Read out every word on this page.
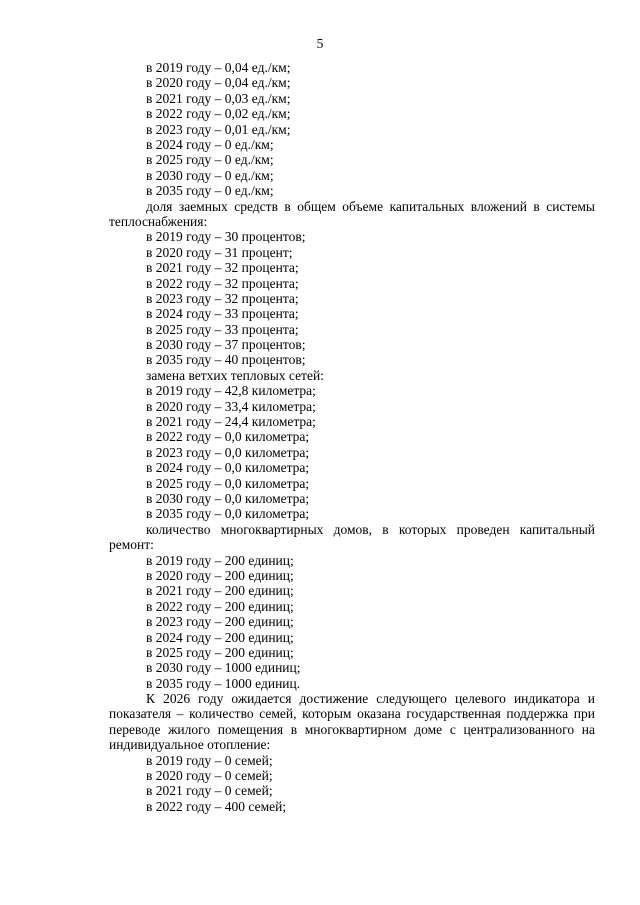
5
в 2019 году – 0,04 ед./км;
в 2020 году – 0,04 ед./км;
в 2021 году – 0,03 ед./км;
в 2022 году – 0,02 ед./км;
в 2023 году – 0,01 ед./км;
в 2024 году – 0 ед./км;
в 2025 году – 0 ед./км;
в 2030 году – 0 ед./км;
в 2035 году – 0 ед./км;
доля заемных средств в общем объеме капитальных вложений в системы теплоснабжения:
в 2019 году – 30 процентов;
в 2020 году – 31 процент;
в 2021 году – 32 процента;
в 2022 году – 32 процента;
в 2023 году – 32 процента;
в 2024 году – 33 процента;
в 2025 году – 33 процента;
в 2030 году – 37 процентов;
в 2035 году – 40 процентов;
замена ветхих тепловых сетей:
в 2019 году – 42,8 километра;
в 2020 году – 33,4 километра;
в 2021 году – 24,4 километра;
в 2022 году – 0,0 километра;
в 2023 году – 0,0 километра;
в 2024 году – 0,0 километра;
в 2025 году – 0,0 километра;
в 2030 году – 0,0 километра;
в 2035 году – 0,0 километра;
количество многоквартирных домов, в которых проведен капитальный ремонт:
в 2019 году – 200 единиц;
в 2020 году – 200 единиц;
в 2021 году – 200 единиц;
в 2022 году – 200 единиц;
в 2023 году – 200 единиц;
в 2024 году – 200 единиц;
в 2025 году – 200 единиц;
в 2030 году – 1000 единиц;
в 2035 году – 1000 единиц.
К 2026 году ожидается достижение следующего целевого индикатора и показателя – количество семей, которым оказана государственная поддержка при переводе жилого помещения в многоквартирном доме с централизованного на индивидуальное отопление:
в 2019 году – 0 семей;
в 2020 году – 0 семей;
в 2021 году – 0 семей;
в 2022 году – 400 семей;
